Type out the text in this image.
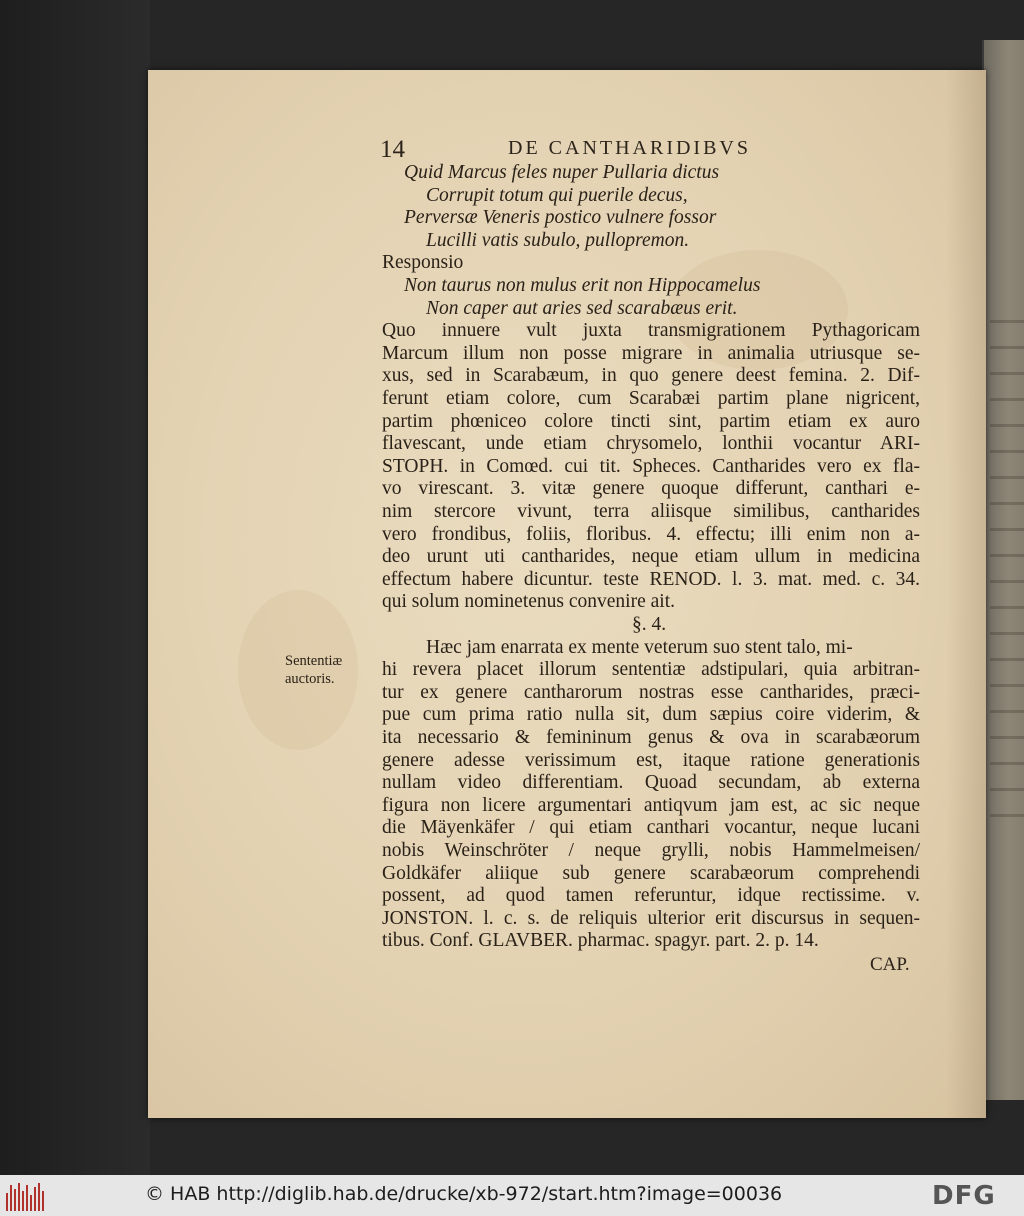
14	DE CANTHARIDIBVS
Quid Marcus feles nuper Pullaria dictus
Corrupit totum qui puerile decus,
Perversæ Veneris postico vulnere fossor
Lucilli vatis subulo, pullopremon.
Responsio
Non taurus non mulus erit non Hippocamelus
Non caper aut aries sed scarabæus erit.
Quo innuere vult juxta transmigrationem Pythagoricam
Marcum illum non posse migrare in animalia utriusque se-
xus, sed in Scarabæum, in quo genere deest femina. 2. Dif-
ferunt etiam colore, cum Scarabæi partim plane nigricent,
partim phœniceo colore tincti sint, partim etiam ex auro
flavescant, unde etiam chrysomelo, lonthii vocantur ARI-
STOPH. in Comœd. cui tit. Spheces. Cantharides vero ex fla-
vo virescant. 3. vitæ genere quoque differunt, canthari e-
nim stercore vivunt, terra aliisque similibus, cantharides
vero frondibus, foliis, floribus. 4. effectu; illi enim non a-
deo urunt uti cantharides, neque etiam ullum in medicina
effectum habere dicuntur. teste RENOD. l. 3. mat. med. c. 34.
qui solum nominetenus convenire ait.
§. 4.
Hæc jam enarrata ex mente veterum suo stent talo, mi-
hi revera placet illorum sententiæ adstipulari, quia arbitran-
tur ex genere cantharorum nostras esse cantharides, præci-
pue cum prima ratio nulla sit, dum sæpius coire viderim, &
ita necessario & femininum genus & ova in scarabæorum
genere adesse verissimum est, itaque ratione generationis
nullam video differentiam. Quoad secundam, ab externa
figura non licere argumentari antiqvum jam est, ac sic neque
die Mäyenkäfer / qui etiam canthari vocantur, neque lucani
nobis Weinschröter / neque grylli, nobis Hammelmeisen/
Goldkäfer aliique sub genere scarabæorum comprehendi
possent, ad quod tamen referuntur, idque rectissime. v.
JONSTON. l. c. s. de reliquis ulterior erit discursus in sequen-
tibus. Conf. GLAVBER. pharmac. spagyr. part. 2. p. 14.
Sententiæ
auctoris.
CAP.
© HAB http://diglib.hab.de/drucke/xb-972/start.htm?image=00036	DFG
